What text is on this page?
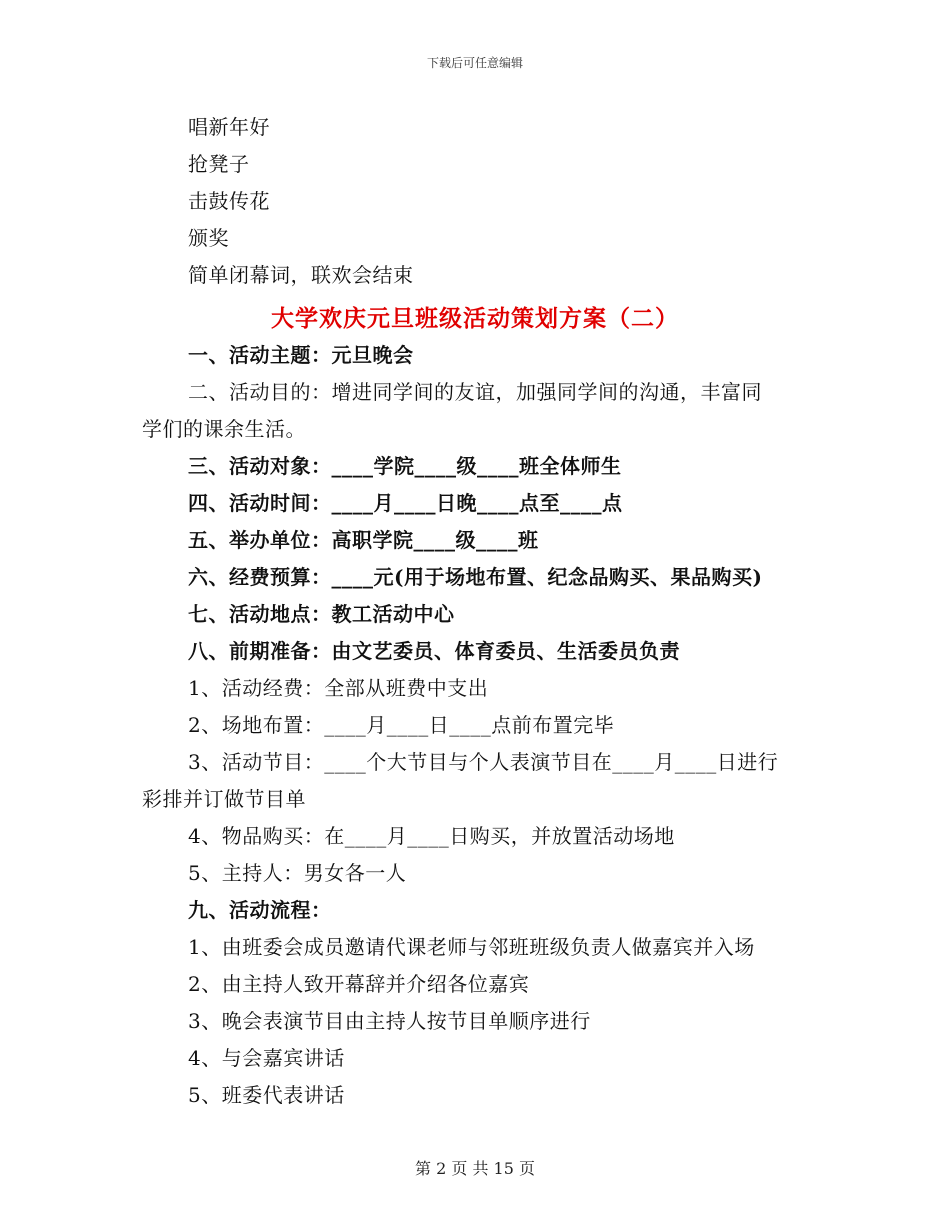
下载后可任意编辑
唱新年好
抢凳子
击鼓传花
颁奖
简单闭幕词，联欢会结束
大学欢庆元旦班级活动策划方案（二）
一、活动主题：元旦晚会
二、活动目的：增进同学间的友谊，加强同学间的沟通，丰富同
学们的课余生活。
三、活动对象：____学院____级____班全体师生
四、活动时间：____月____日晚____点至____点
五、举办单位：高职学院____级____班
六、经费预算：____元(用于场地布置、纪念品购买、果品购买)
七、活动地点：教工活动中心
八、前期准备：由文艺委员、体育委员、生活委员负责
1、活动经费：全部从班费中支出
2、场地布置：____月____日____点前布置完毕
3、活动节目：____个大节目与个人表演节目在____月____日进行
彩排并订做节目单
4、物品购买：在____月____日购买，并放置活动场地
5、主持人：男女各一人
九、活动流程：
1、由班委会成员邀请代课老师与邻班班级负责人做嘉宾并入场
2、由主持人致开幕辞并介绍各位嘉宾
3、晚会表演节目由主持人按节目单顺序进行
4、与会嘉宾讲话
5、班委代表讲话
第 2 页 共 15 页
